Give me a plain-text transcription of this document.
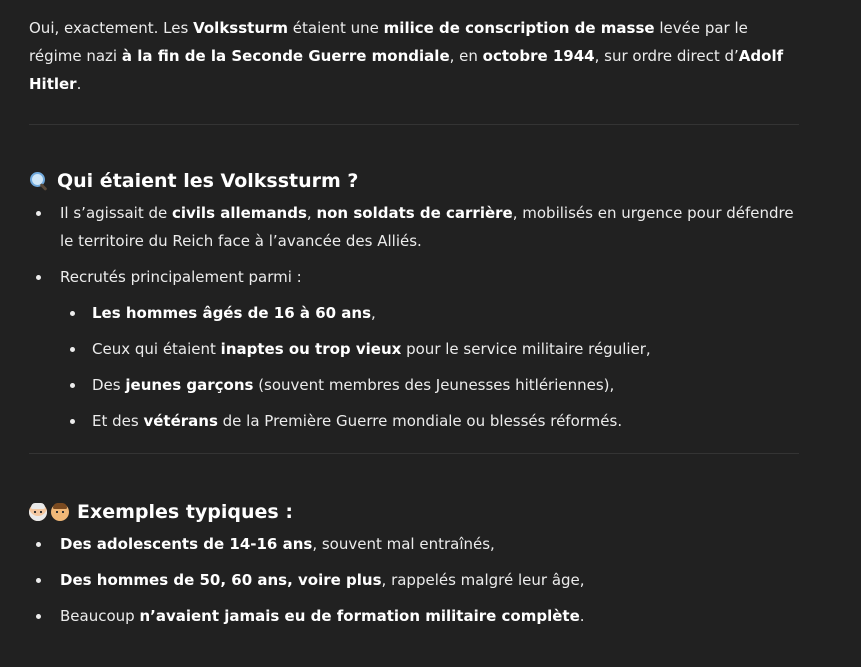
Oui, exactement. Les Volkssturm étaient une milice de conscription de masse levée par le régime nazi à la fin de la Seconde Guerre mondiale, en octobre 1944, sur ordre direct d’Adolf Hitler.

Qui étaient les Volkssturm ?
Il s’agissait de civils allemands, non soldats de carrière, mobilisés en urgence pour défendre le territoire du Reich face à l’avancée des Alliés.
Recrutés principalement parmi :
Les hommes âgés de 16 à 60 ans,
Ceux qui étaient inaptes ou trop vieux pour le service militaire régulier,
Des jeunes garçons (souvent membres des Jeunesses hitlériennes),
Et des vétérans de la Première Guerre mondiale ou blessés réformés.
Exemples typiques :
Des adolescents de 14-16 ans, souvent mal entraînés,
Des hommes de 50, 60 ans, voire plus, rappelés malgré leur âge,
Beaucoup n’avaient jamais eu de formation militaire complète.
